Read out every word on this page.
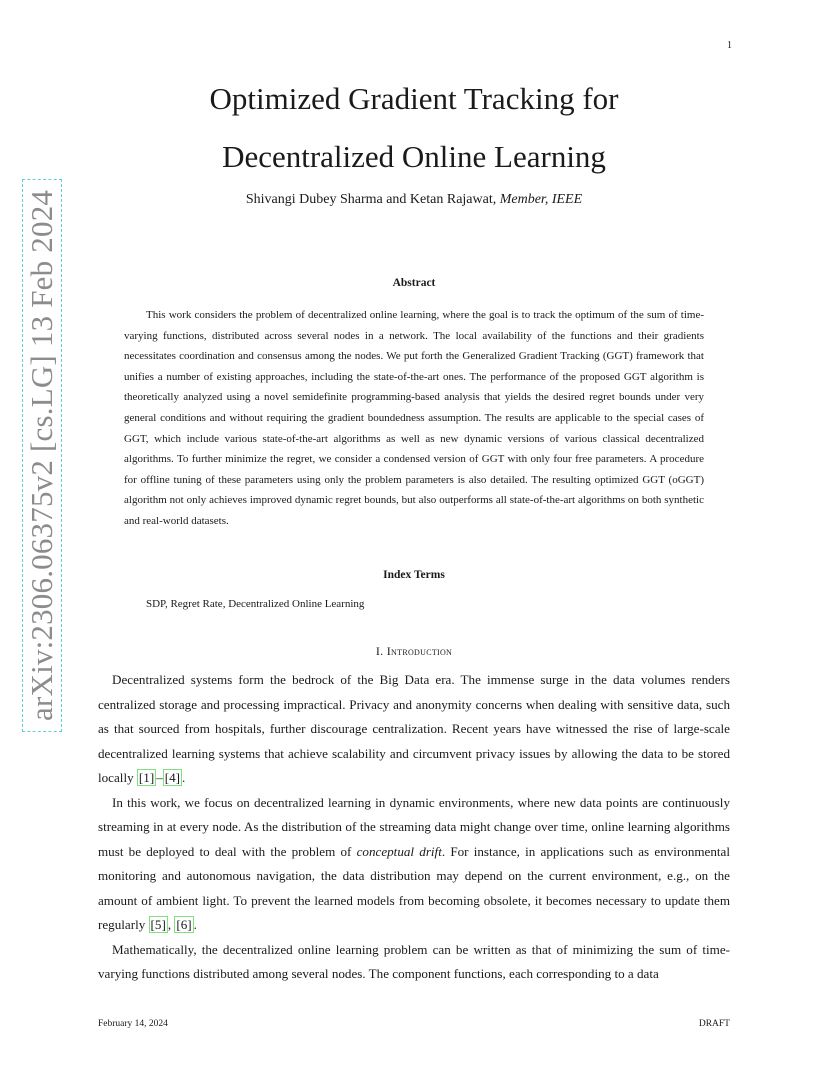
1
arXiv:2306.06375v2 [cs.LG] 13 Feb 2024
Optimized Gradient Tracking for
Decentralized Online Learning
Shivangi Dubey Sharma and Ketan Rajawat, Member, IEEE
Abstract

This work considers the problem of decentralized online learning, where the goal is to track the optimum of the sum of time-varying functions, distributed across several nodes in a network. The local availability of the functions and their gradients necessitates coordination and consensus among the nodes. We put forth the Generalized Gradient Tracking (GGT) framework that unifies a number of existing approaches, including the state-of-the-art ones. The performance of the proposed GGT algorithm is theoretically analyzed using a novel semidefinite programming-based analysis that yields the desired regret bounds under very general conditions and without requiring the gradient boundedness assumption. The results are applicable to the special cases of GGT, which include various state-of-the-art algorithms as well as new dynamic versions of various classical decentralized algorithms. To further minimize the regret, we consider a condensed version of GGT with only four free parameters. A procedure for offline tuning of these parameters using only the problem parameters is also detailed. The resulting optimized GGT (oGGT) algorithm not only achieves improved dynamic regret bounds, but also outperforms all state-of-the-art algorithms on both synthetic and real-world datasets.

Index Terms
SDP, Regret Rate, Decentralized Online Learning
I. Introduction

Decentralized systems form the bedrock of the Big Data era. The immense surge in the data volumes renders centralized storage and processing impractical. Privacy and anonymity concerns when dealing with sensitive data, such as that sourced from hospitals, further discourage centralization. Recent years have witnessed the rise of large-scale decentralized learning systems that achieve scalability and circumvent privacy issues by allowing the data to be stored locally [1] – [4] .

In this work, we focus on decentralized learning in dynamic environments, where new data points are continuously streaming in at every node. As the distribution of the streaming data might change over time, online learning algorithms must be deployed to deal with the problem of conceptual drift. For instance, in applications such as environmental monitoring and autonomous navigation, the data distribution may depend on the current environment, e.g., on the amount of ambient light. To prevent the learned models from becoming obsolete, it becomes necessary to update them regularly [5] , [6] .

Mathematically, the decentralized online learning problem can be written as that of minimizing the sum of time-varying functions distributed among several nodes. The component functions, each corresponding to a data

February 14, 2024	DRAFT
